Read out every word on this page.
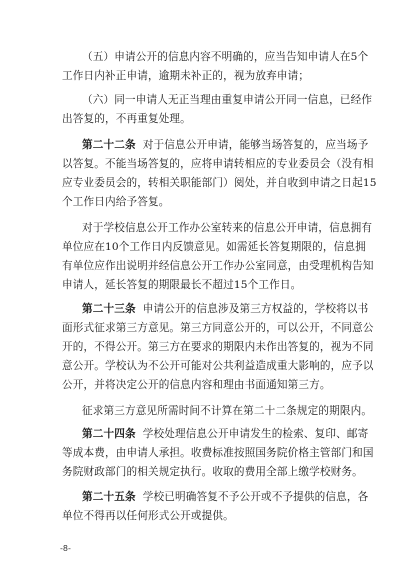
（五）申请公开的信息内容不明确的，应当告知申请人在5个
工作日内补正申请，逾期未补正的，视为放弃申请；
（六）同一申请人无正当理由重复申请公开同一信息，已经作
出答复的，不再重复处理。
第二十二条 对于信息公开申请，能够当场答复的，应当场予
以答复。不能当场答复的，应将申请转相应的专业委员会（没有相
应专业委员会的，转相关职能部门）阅处，并自收到申请之日起15
个工作日内给予答复。
对于学校信息公开工作办公室转来的信息公开申请，信息拥有
单位应在10个工作日内反馈意见。如需延长答复期限的，信息拥
有单位应作出说明并经信息公开工作办公室同意，由受理机构告知
申请人，延长答复的期限最长不超过15个工作日。
第二十三条 申请公开的信息涉及第三方权益的，学校将以书
面形式征求第三方意见。第三方同意公开的，可以公开，不同意公
开的，不得公开。第三方在要求的期限内未作出答复的，视为不同
意公开。学校认为不公开可能对公共利益造成重大影响的，应予以
公开，并将决定公开的信息内容和理由书面通知第三方。
征求第三方意见所需时间不计算在第二十二条规定的期限内。
第二十四条 学校处理信息公开申请发生的检索、复印、邮寄
等成本费，由申请人承担。收费标准按照国务院价格主管部门和国
务院财政部门的相关规定执行。收取的费用全部上缴学校财务。
第二十五条 学校已明确答复不予公开或不予提供的信息，各
单位不得再以任何形式公开或提供。
-8-
